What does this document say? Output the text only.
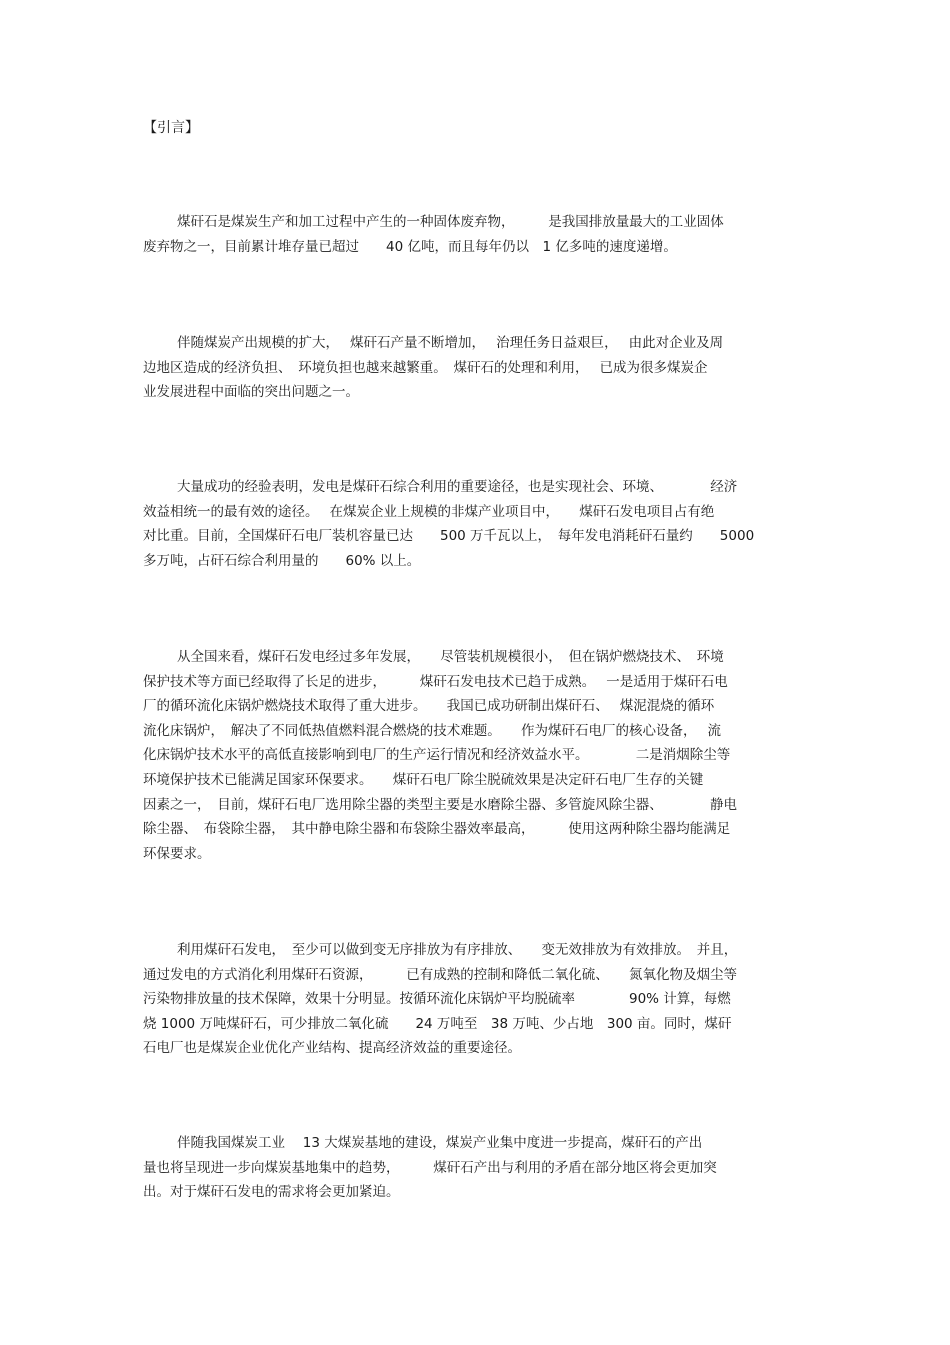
【引言】
煤矸石是煤炭生产和加工过程中产生的一种固体废弃物，　　　是我国排放量最大的工业固体
废弃物之一，目前累计堆存量已超过　　40 亿吨，而且每年仍以　1 亿多吨的速度递增。
伴随煤炭产出规模的扩大，　 煤矸石产量不断增加，　 治理任务日益艰巨，　 由此对企业及周
边地区造成的经济负担、　环境负担也越来越繁重。　煤矸石的处理和利用，　 已成为很多煤炭企
业发展进程中面临的突出问题之一。
大量成功的经验表明，发电是煤矸石综合利用的重要途径，也是实现社会、环境、　　　　经济
效益相统一的最有效的途径。　 在煤炭企业上规模的非煤产业项目中，　　煤矸石发电项目占有绝
对比重。目前，全国煤矸石电厂装机容量已达　　500 万千瓦以上，　每年发电消耗矸石量约　　5000
多万吨，占矸石综合利用量的　　60% 以上。
从全国来看，煤矸石发电经过多年发展，　　尽管装机规模很小，　但在锅炉燃烧技术、　环境
保护技术等方面已经取得了长足的进步，　　　煤矸石发电技术已趋于成熟。　 一是适用于煤矸石电
厂的循环流化床锅炉燃烧技术取得了重大进步。　　我国已成功研制出煤矸石、　 煤泥混烧的循环
流化床锅炉，　解决了不同低热值燃料混合燃烧的技术难题。　　作为煤矸石电厂的核心设备，　 流
化床锅炉技术水平的高低直接影响到电厂的生产运行情况和经济效益水平。　　　　二是消烟除尘等
环境保护技术已能满足国家环保要求。　　煤矸石电厂除尘脱硫效果是决定矸石电厂生存的关键
因素之一，　目前，煤矸石电厂选用除尘器的类型主要是水磨除尘器、多管旋风除尘器、　　　　静电
除尘器、　布袋除尘器，　其中静电除尘器和布袋除尘器效率最高，　　　使用这两种除尘器均能满足
环保要求。
利用煤矸石发电，　至少可以做到变无序排放为有序排放、　　变无效排放为有效排放。　并且，
通过发电的方式消化利用煤矸石资源，　　　已有成熟的控制和降低二氧化硫、　　氮氧化物及烟尘等
污染物排放量的技术保障，效果十分明显。按循环流化床锅炉平均脱硫率　　　　90% 计算，每燃
烧 1000 万吨煤矸石，可少排放二氧化硫　　24 万吨至　38 万吨、少占地　300 亩。同时，煤矸
石电厂也是煤炭企业优化产业结构、提高经济效益的重要途径。
伴随我国煤炭工业　 13 大煤炭基地的建设，煤炭产业集中度进一步提高，煤矸石的产出
量也将呈现进一步向煤炭基地集中的趋势，　　　煤矸石产出与利用的矛盾在部分地区将会更加突
出。对于煤矸石发电的需求将会更加紧迫。
